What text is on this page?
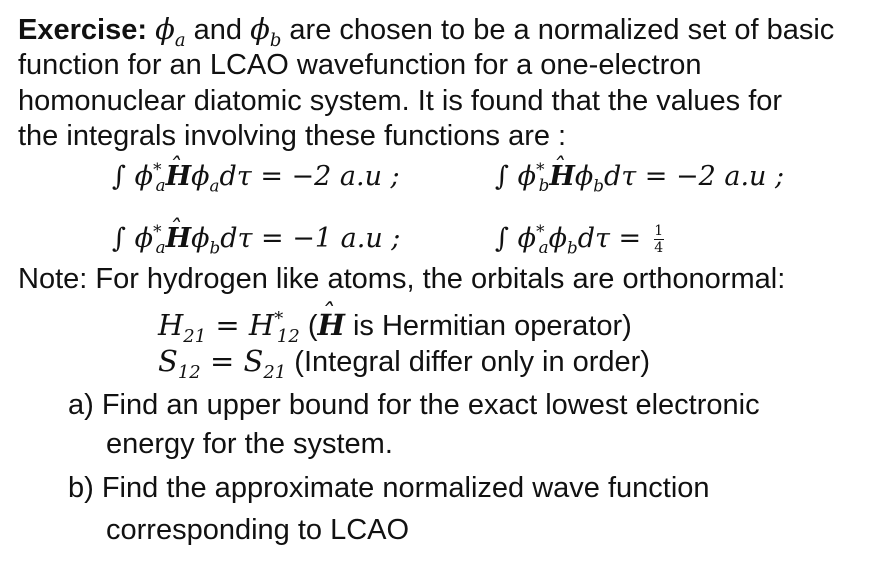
Exercise: $\phi_a$ and $\phi_b$ are chosen to be a normalized set of basic
function for an LCAO wavefunction for a one-electron
homonuclear diatomic system. It is found that the values for
the integrals involving these functions are :
∫ $\phi^*_aˆ$ $H\phi_ad\tau = -2$ a.u ;	∫ $\phi^*_bˆ$ $H\phi_bd\tau = -2$ a.u ;
∫ $\phi^*_aˆ$ $H\phi_bd\tau = -1$ a.u ;	∫ $\phi^*_a\phi_bd\tau = \frac{1}{4}$
Note: For hydrogen like atoms, the orbitals are orthonormal:
$H_{21} = H^*_{12}$ (ˆ H is Hermitian operator)
$S_{12} = S_{21}$ (Integral differ only in order)
a) Find an upper bound for the exact lowest electronic
energy for the system.
b) Find the approximate normalized wave function
corresponding to LCAO
